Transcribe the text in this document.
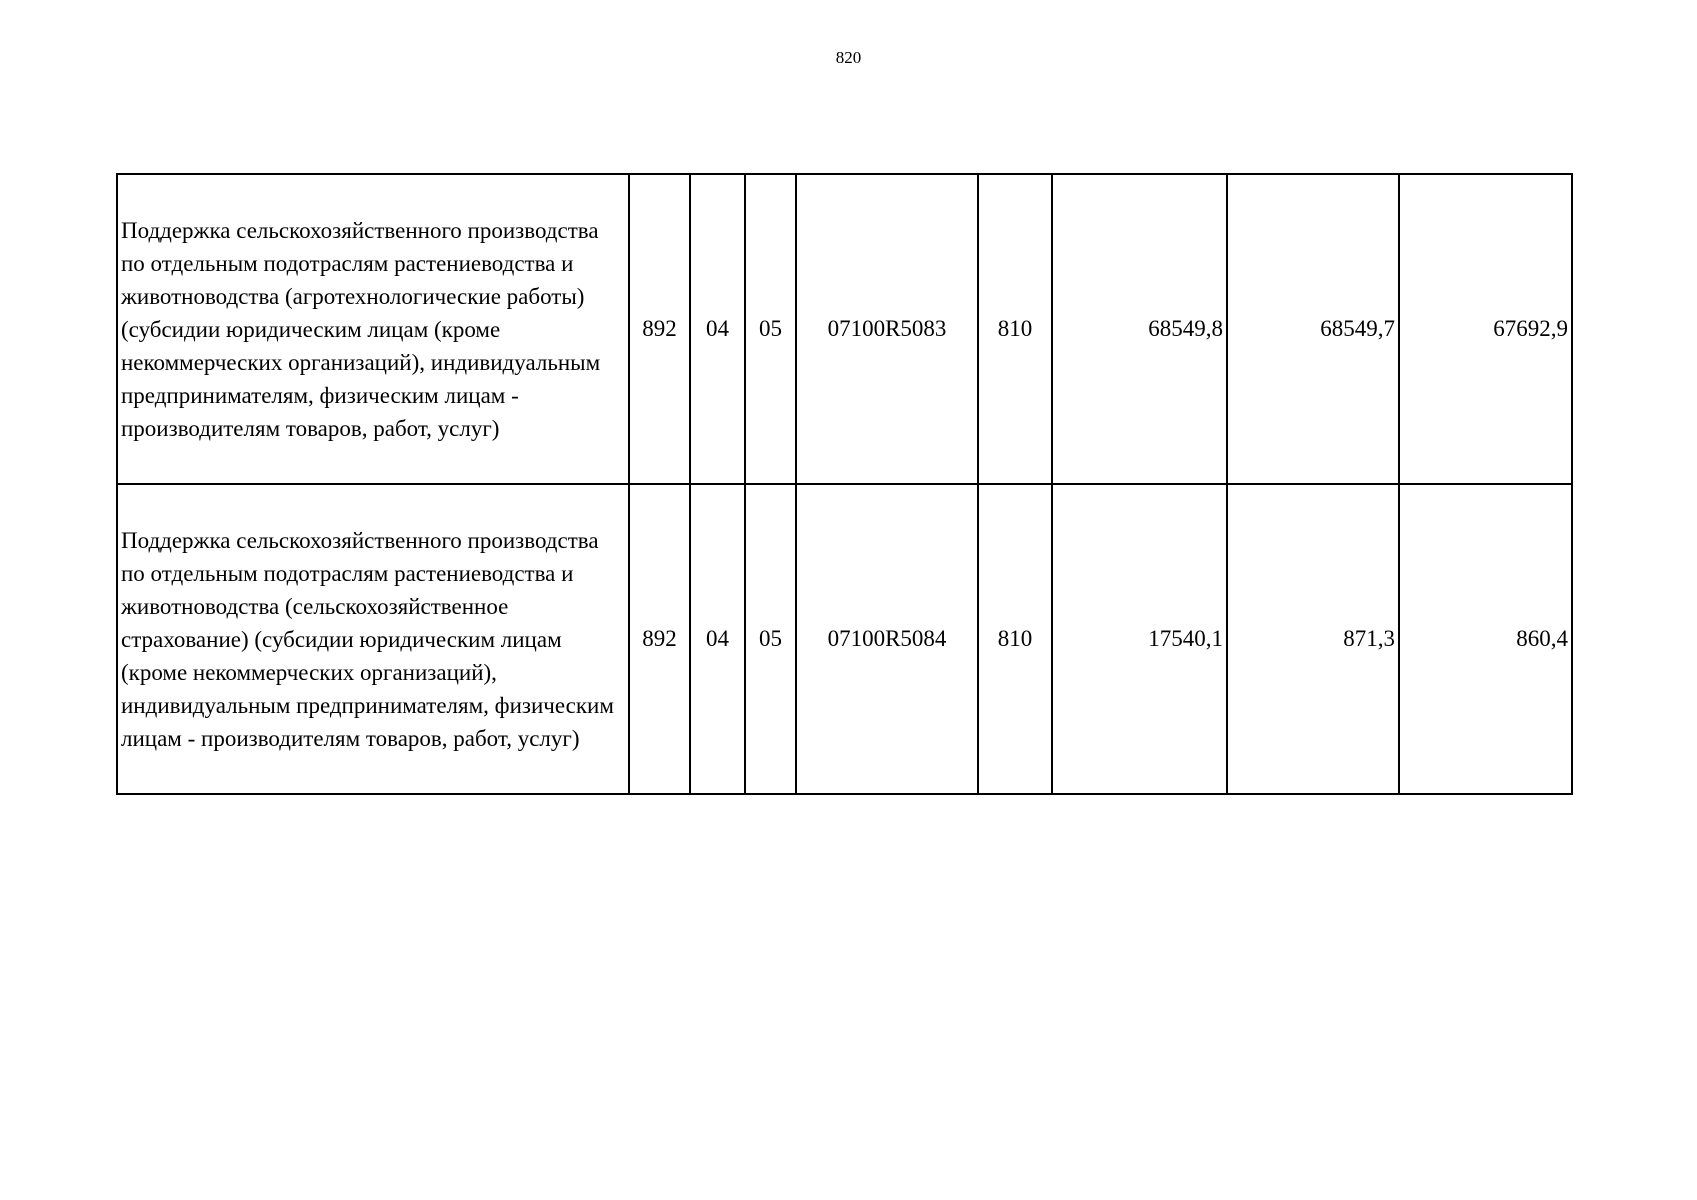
820
Поддержка сельскохозяйственного производства по отдельным подотраслям растениеводства и животноводства (агротехнологические работы) (субсидии юридическим лицам (кроме некоммерческих организаций), индивидуальным предпринимателям, физическим лицам - производителям товаров, работ, услуг)	892	04	05	07100R5083	810	68549,8	68549,7	67692,9
Поддержка сельскохозяйственного производства по отдельным подотраслям растениеводства и животноводства (сельскохозяйственное страхование) (субсидии юридическим лицам (кроме некоммерческих организаций), индивидуальным предпринимателям, физическим лицам - производителям товаров, работ, услуг)	892	04	05	07100R5084	810	17540,1	871,3	860,4
